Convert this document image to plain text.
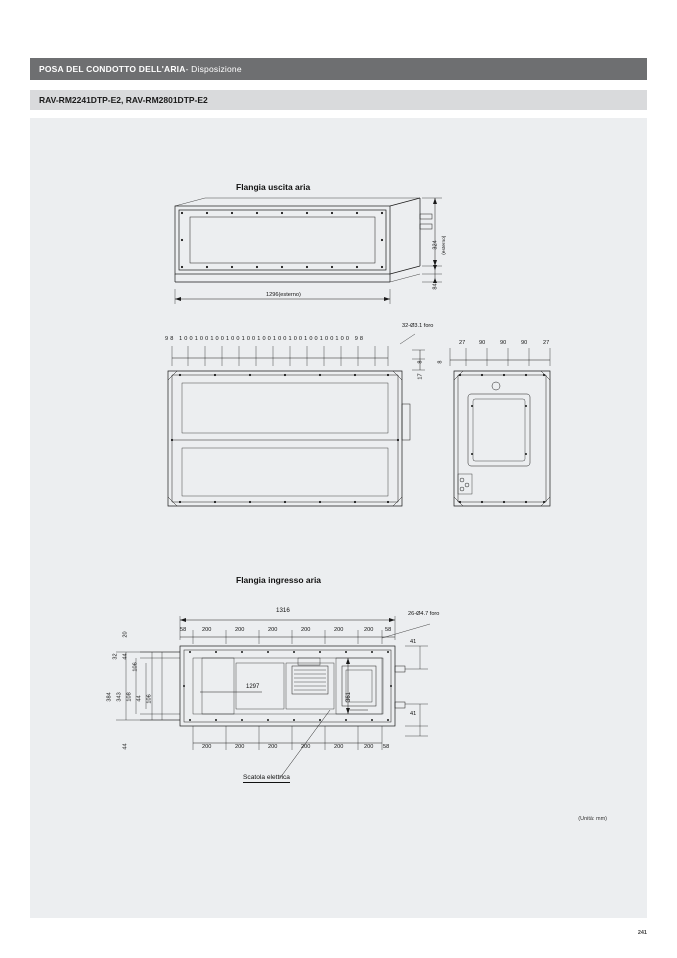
POSA DEL CONDOTTO DELL'ARIA - Disposizione
RAV-RM2241DTP-E2, RAV-RM2801DTP-E2
Flangia uscita aria
1296(esterno)
324 (esterno)
84
32-Ø3.1 foro
98 100100100100100100100100100100100 98
8
17
8
27 90	90	90	27
Flangia ingresso aria
1316	26-Ø4.7 foro
58	200	200	200	200	200	200 58
200	200	200	200	200	200
1297
361
41
41
58
20
44
32
106
384 343 108 44 106
44
Scatola elettrica
(Unità: mm)
241
